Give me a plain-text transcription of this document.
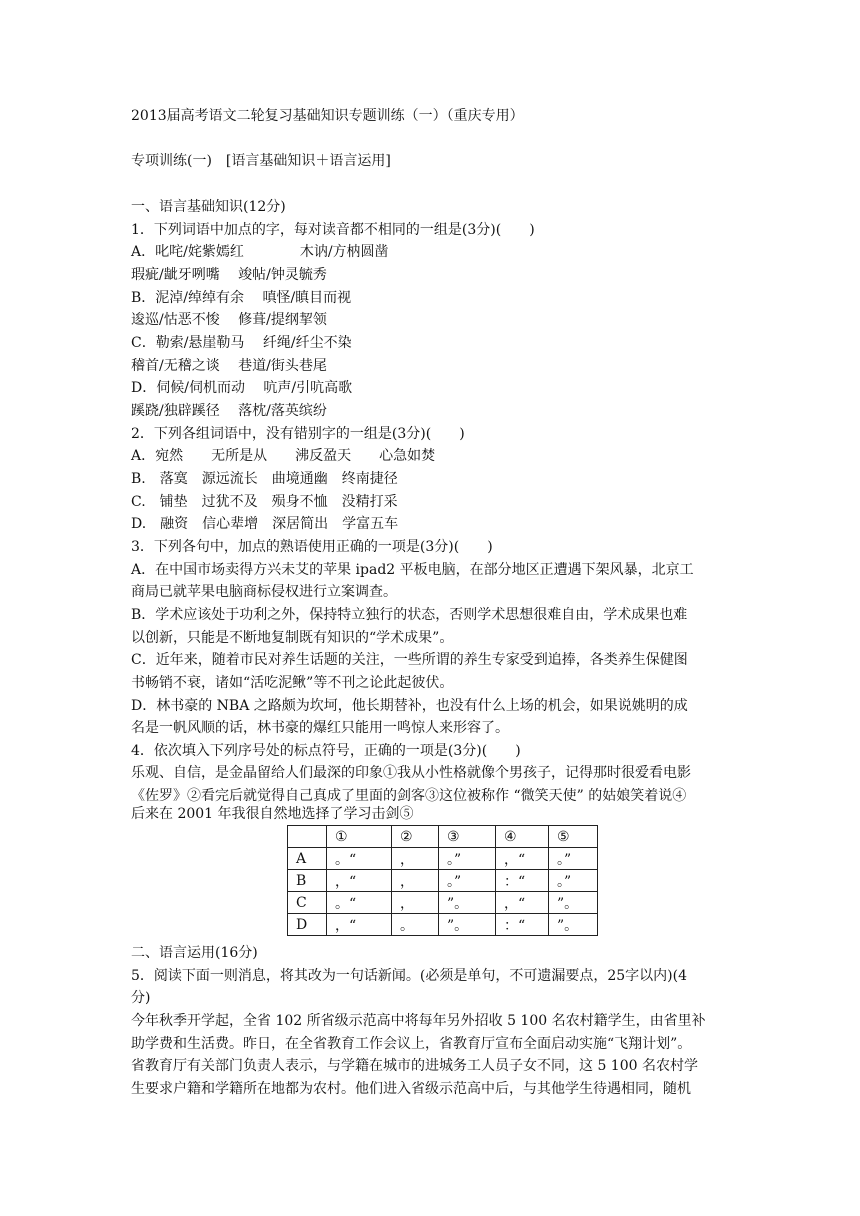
2013届高考语文二轮复习基础知识专题训练（一）（重庆专用）
专项训练(一)　[语言基础知识＋语言运用]
一、语言基础知识(12分)
1．下列词语中加点的字，每对读音都不相同的一组是(3分)(　　)
A．叱咤/姹紫嫣红　　　　木讷/方枘圆凿
瑕疵/龇牙咧嘴　 竣帖/钟灵毓秀
B．泥淖/绰绰有余　 嗔怪/瞋目而视
逡巡/怙恶不悛　 修葺/提纲挈领
C．勒索/悬崖勒马　 纤绳/纤尘不染
稽首/无稽之谈　 巷道/街头巷尾
D．伺候/伺机而动　 吭声/引吭高歌
蹊跷/独辟蹊径　 落枕/落英缤纷
2．下列各组词语中，没有错别字的一组是(3分)(　　)
A．宛然　　无所是从　　沸反盈天　　心急如焚
B.　落寞　源远流长　曲境通幽　终南捷径
C.　铺垫　过犹不及　殒身不恤　没精打采
D.　融资　信心辈增　深居简出　学富五车
3．下列各句中，加点的熟语使用正确的一项是(3分)(　　)
A．在中国市场卖得方兴未艾的苹果 ipad2 平板电脑，在部分地区正遭遇下架风暴，北京工
商局已就苹果电脑商标侵权进行立案调查。
B．学术应该处于功利之外，保持特立独行的状态，否则学术思想很难自由，学术成果也难
以创新，只能是不断地复制既有知识的“学术成果”。
C．近年来，随着市民对养生话题的关注，一些所谓的养生专家受到追捧，各类养生保健图
书畅销不衰，诸如“活吃泥鳅”等不刊之论此起彼伏。
D．林书豪的 NBA 之路颇为坎坷，他长期替补，也没有什么上场的机会，如果说姚明的成
名是一帆风顺的话，林书豪的爆红只能用一鸣惊人来形容了。
4．依次填入下列序号处的标点符号，正确的一项是(3分)(　　)
乐观、自信，是金晶留给人们最深的印象①我从小性格就像个男孩子，记得那时很爱看电影
《佐罗》②看完后就觉得自己真成了里面的剑客③这位被称作 “微笑天使” 的姑娘笑着说④
后来在 2001 年我很自然地选择了学习击剑⑤
	①	②	③	④	⑤
A	。“	，	。”	，“	。”
B	，“	，	。”	：“	。”
C	。“	，	”。	，“	”。
D	，“	。	”。	：“	”。
二、语言运用(16分)
5．阅读下面一则消息，将其改为一句话新闻。(必须是单句，不可遗漏要点，25字以内)(4
分)
今年秋季开学起，全省 102 所省级示范高中将每年另外招收 5 100 名农村籍学生，由省里补
助学费和生活费。昨日，在全省教育工作会议上，省教育厅宣布全面启动实施“飞翔计划”。
省教育厅有关部门负责人表示，与学籍在城市的进城务工人员子女不同，这 5 100 名农村学
生要求户籍和学籍所在地都为农村。他们进入省级示范高中后，与其他学生待遇相同，随机
